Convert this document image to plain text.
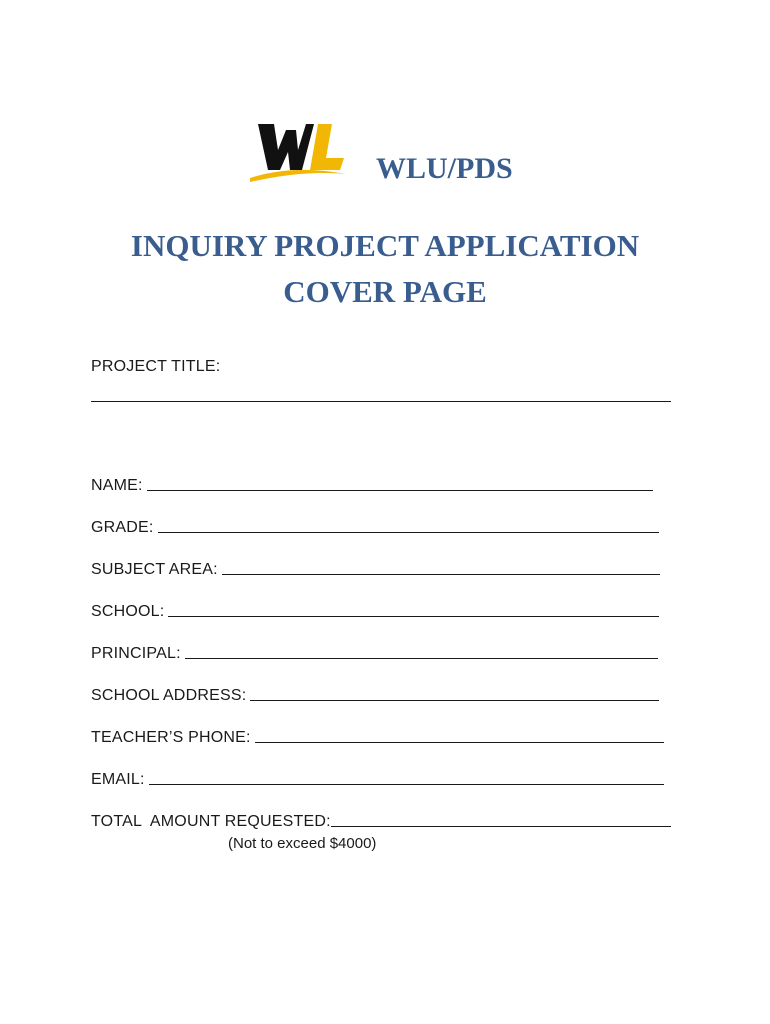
WLU/PDS
INQUIRY PROJECT APPLICATION
COVER PAGE
PROJECT TITLE:
NAME:
GRADE:
SUBJECT AREA:
SCHOOL:
PRINCIPAL:
SCHOOL ADDRESS:
TEACHER’S PHONE:
EMAIL:
TOTAL  AMOUNT REQUESTED:
(Not to exceed $4000)
